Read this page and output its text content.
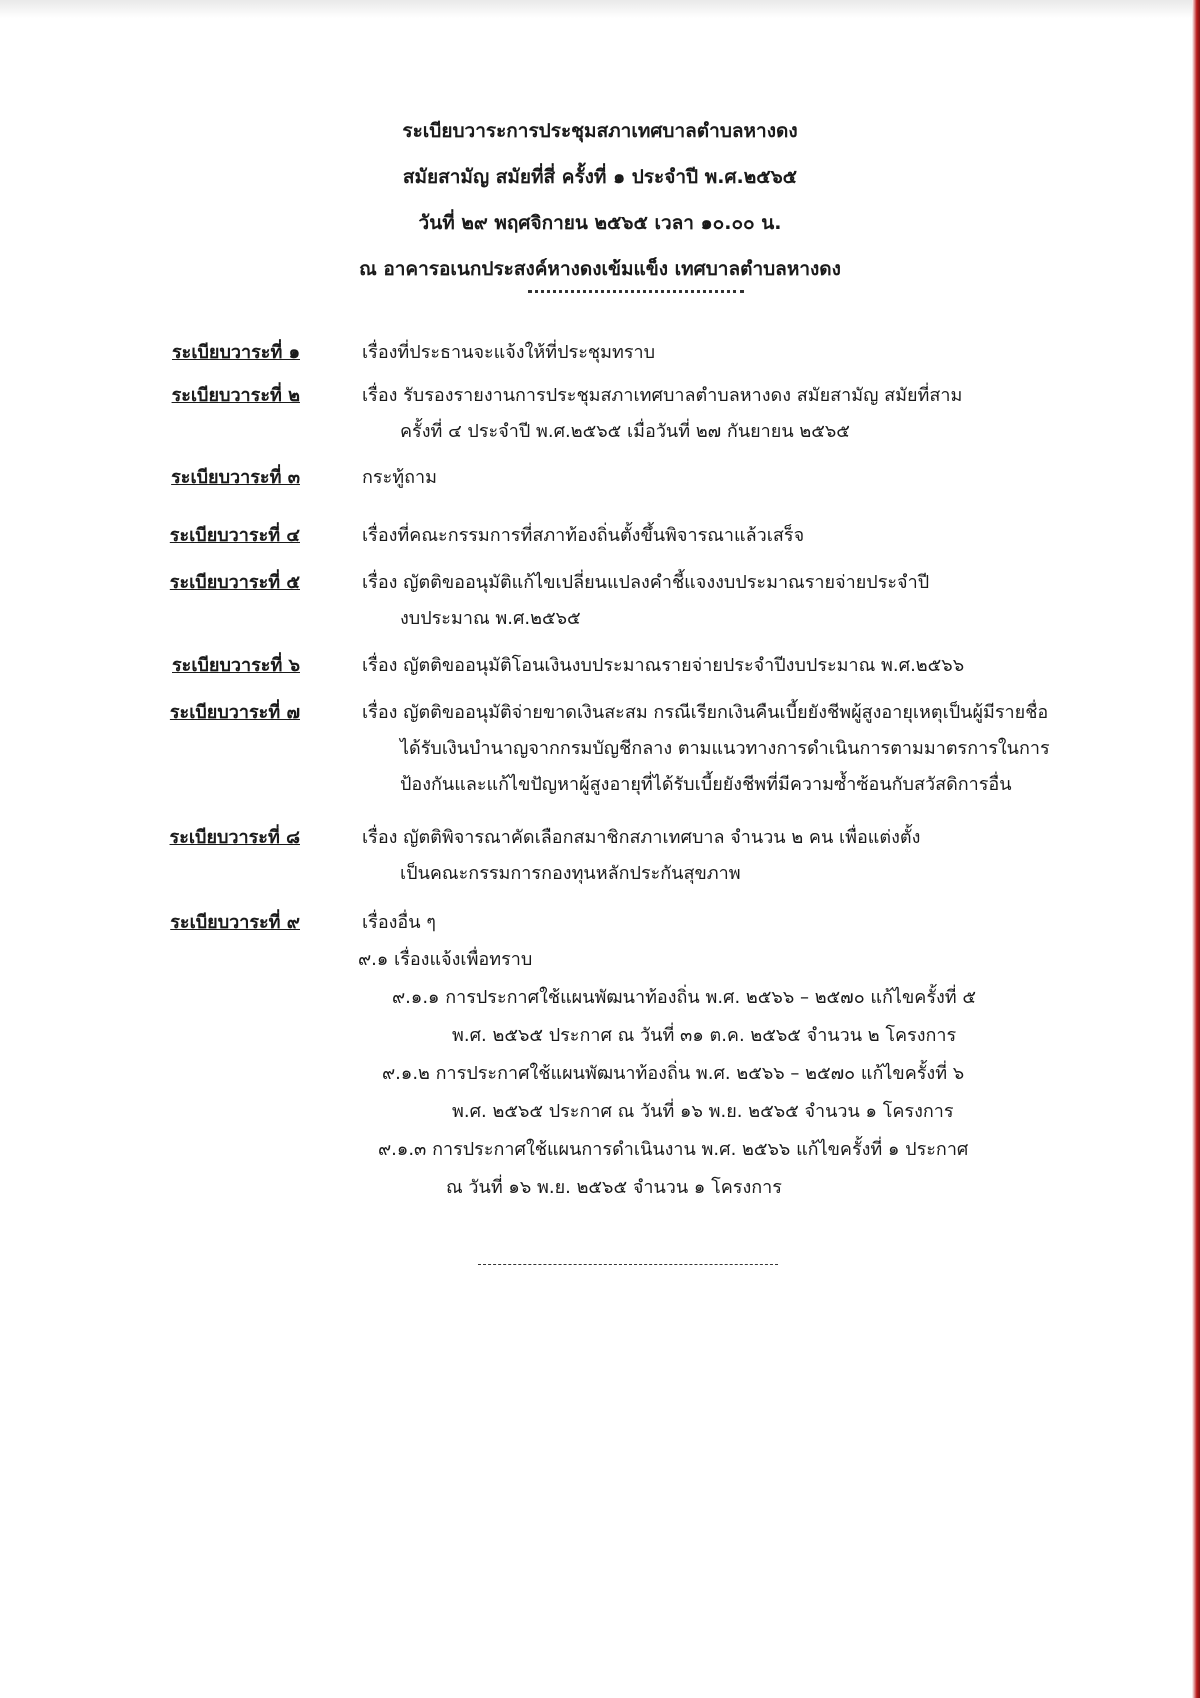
ระเบียบวาระการประชุมสภาเทศบาลตำบลหางดง
สมัยสามัญ สมัยที่สี่ ครั้งที่ ๑ ประจำปี พ.ศ.๒๕๖๕
วันที่ ๒๙ พฤศจิกายน ๒๕๖๕ เวลา ๑๐.๐๐ น.
ณ อาคารอเนกประสงค์หางดงเข้มแข็ง เทศบาลตำบลหางดง
ระเบียบวาระที่ ๑	เรื่องที่ประธานจะแจ้งให้ที่ประชุมทราบ
ระเบียบวาระที่ ๒	เรื่อง รับรองรายงานการประชุมสภาเทศบาลตำบลหางดง สมัยสามัญ สมัยที่สาม
ครั้งที่ ๔ ประจำปี พ.ศ.๒๕๖๕ เมื่อวันที่ ๒๗ กันยายน ๒๕๖๕
ระเบียบวาระที่ ๓	กระทู้ถาม
ระเบียบวาระที่ ๔	เรื่องที่คณะกรรมการที่สภาท้องถิ่นตั้งขึ้นพิจารณาแล้วเสร็จ
ระเบียบวาระที่ ๕	เรื่อง ญัตติขออนุมัติแก้ไขเปลี่ยนแปลงคำชี้แจงงบประมาณรายจ่ายประจำปี
งบประมาณ พ.ศ.๒๕๖๕
ระเบียบวาระที่ ๖	เรื่อง ญัตติขออนุมัติโอนเงินงบประมาณรายจ่ายประจำปีงบประมาณ พ.ศ.๒๕๖๖
ระเบียบวาระที่ ๗	เรื่อง ญัตติขออนุมัติจ่ายขาดเงินสะสม กรณีเรียกเงินคืนเบี้ยยังชีพผู้สูงอายุเหตุเป็นผู้มีรายชื่อ
ได้รับเงินบำนาญจากกรมบัญชีกลาง ตามแนวทางการดำเนินการตามมาตรการในการ
ป้องกันและแก้ไขปัญหาผู้สูงอายุที่ได้รับเบี้ยยังชีพที่มีความซ้ำซ้อนกับสวัสดิการอื่น
ระเบียบวาระที่ ๘	เรื่อง ญัตติพิจารณาคัดเลือกสมาชิกสภาเทศบาล จำนวน ๒ คน เพื่อแต่งตั้ง
เป็นคณะกรรมการกองทุนหลักประกันสุขภาพ
ระเบียบวาระที่ ๙	เรื่องอื่น ๆ
๙.๑ เรื่องแจ้งเพื่อทราบ
๙.๑.๑ การประกาศใช้แผนพัฒนาท้องถิ่น พ.ศ. ๒๕๖๖ – ๒๕๗๐ แก้ไขครั้งที่ ๕
พ.ศ. ๒๕๖๕ ประกาศ ณ วันที่ ๓๑ ต.ค. ๒๕๖๕ จำนวน ๒ โครงการ
๙.๑.๒ การประกาศใช้แผนพัฒนาท้องถิ่น พ.ศ. ๒๕๖๖ – ๒๕๗๐ แก้ไขครั้งที่ ๖
พ.ศ. ๒๕๖๕ ประกาศ ณ วันที่ ๑๖ พ.ย. ๒๕๖๕ จำนวน ๑ โครงการ
๙.๑.๓ การประกาศใช้แผนการดำเนินงาน พ.ศ. ๒๕๖๖ แก้ไขครั้งที่ ๑ ประกาศ
ณ วันที่ ๑๖ พ.ย. ๒๕๖๕ จำนวน ๑ โครงการ
